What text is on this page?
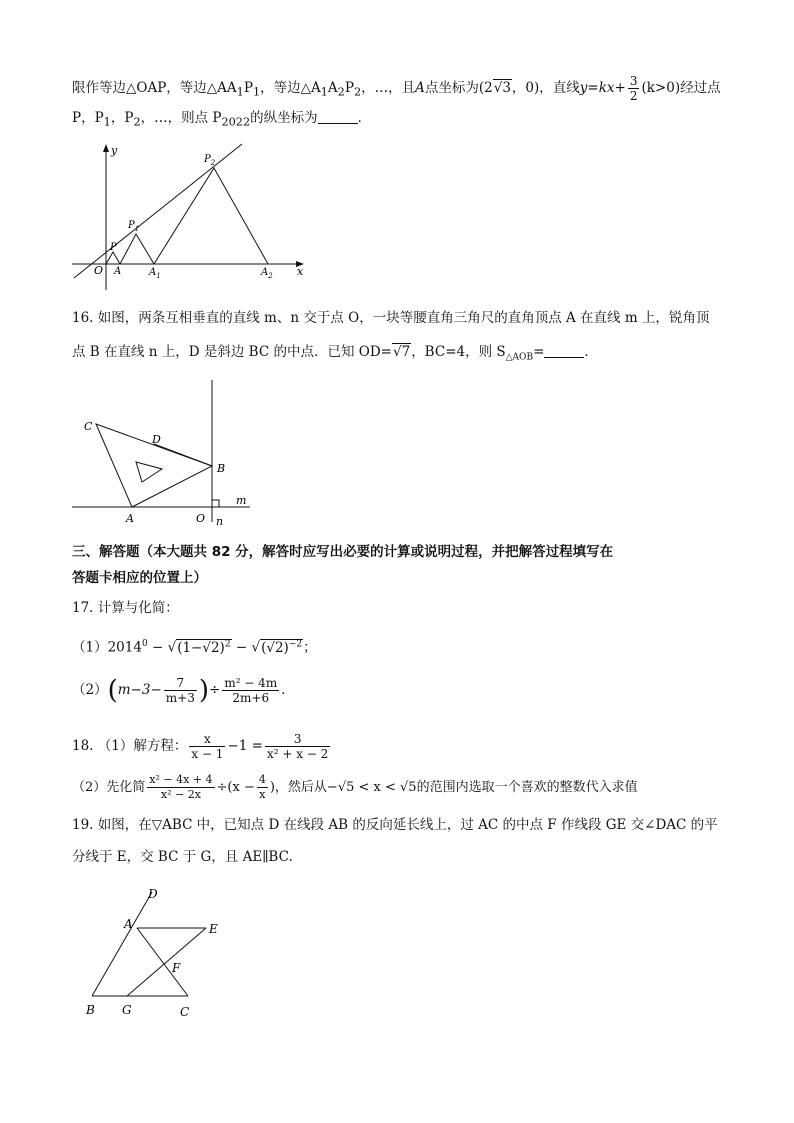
限作等边△OAP，等边$\triangle AA_1P_1$，等边$\triangle A_1A_2P_2$，…，且A点坐标为(2√3，0)，直线$y=kx+ \frac{3}{2} (k>0)$经过点
P，$P_1$，$P_2$，…，则点 $P_{2022}$的纵坐标为	．
y
x
O A
P
$P_1$
$A_1$
$P_2$
$A_2$
16. 如图，两条互相垂直的直线 m、n 交于点 O，一块等腰直角三角尺的直角顶点 A 在直线 m 上，锐角顶
点 B 在直线 n 上，D 是斜边 BC 的中点．已知 OD=√7，BC=4，则 $S_{\triangle AOB}=$	．
C
D
B
A	O
m
n
三、解答题（本大题共 82 分，解答时应写出必要的计算或说明过程，并把解答过程填写在
答题卡相应的位置上）
17. 计算与化简：
$(1)2014^0 - √(1-√2)^2 - √(√2)^{-2}$；
$(2)(m-3- \frac{7}{m+3}$ )÷ $\frac{\text{m² − 4m}}{2m+6}$ ．
18. （1）解方程： $\frac{x}{x - 1} -1 = \frac{3}{\text{x² + x − 2}}$
（2）先化简 $\frac{\text{x² − 4x + 4}}{\text{x² − 2x}} \div(x - \frac{4}{x}$ )，然后从−√5 < x < √5的范围内选取一个喜欢的整数代入求值
19. 如图，在▽ABC 中，已知点 D 在线段 AB 的反向延长线上，过 AC 的中点 F 作线段 GE 交∠DAC 的平
分线于 E，交 BC 于 G，且 AE∥BC.
D
A	E
F
B G	C
